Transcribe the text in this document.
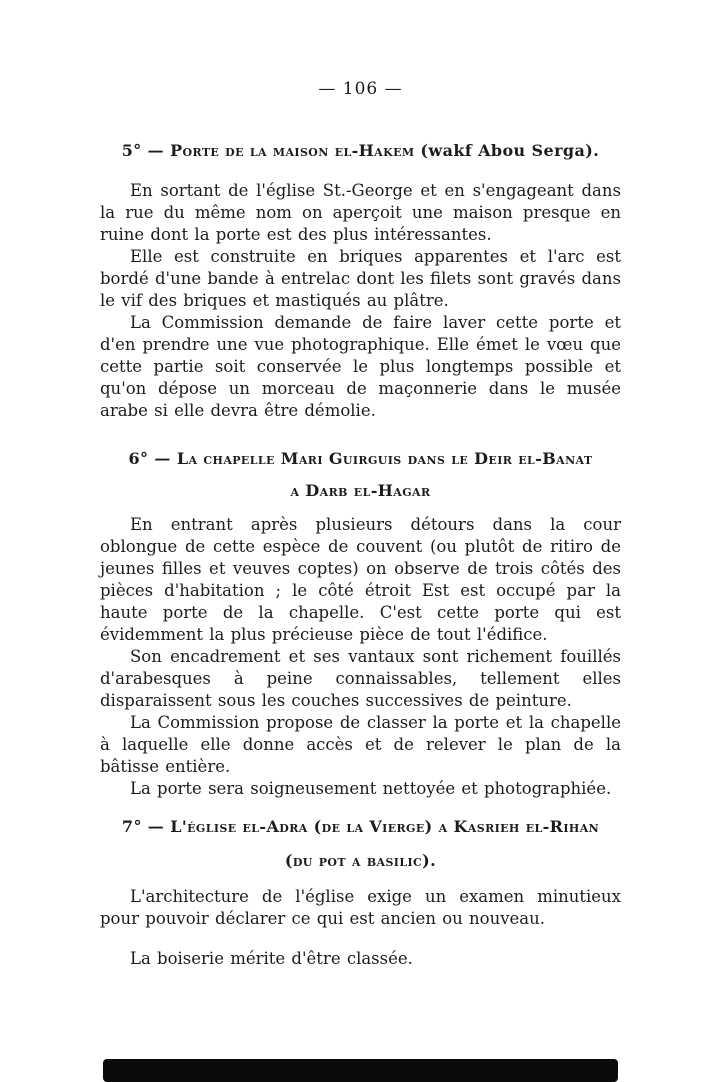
— 106 —
5° — Porte de la maison el-Hakem (wakf Abou Serga).

En sortant de l'église St.-George et en s'engageant dans la rue du même nom on aperçoit une maison presque en ruine dont la porte est des plus intéressantes.

Elle est construite en briques apparentes et l'arc est bordé d'une bande à entrelac dont les filets sont gravés dans le vif des briques et mastiqués au plâtre.

La Commission demande de faire laver cette porte et d'en prendre une vue photographique. Elle émet le vœu que cette partie soit conservée le plus longtemps possible et qu'on dépose un morceau de maçonnerie dans le musée arabe si elle devra être démolie.

6° — La chapelle Mari Guirguis dans le Deir el-Banat
a Darb el-Hagar

En entrant après plusieurs détours dans la cour oblongue de cette espèce de couvent (ou plutôt de ritiro de jeunes filles et veuves coptes) on observe de trois côtés des pièces d'habitation ; le côté étroit Est est occupé par la haute porte de la chapelle. C'est cette porte qui est évidemment la plus précieuse pièce de tout l'édifice.

Son encadrement et ses vantaux sont richement fouillés d'arabesques à peine connaissables, tellement elles disparaissent sous les couches successives de peinture.

La Commission propose de classer la porte et la chapelle à laquelle elle donne accès et de relever le plan de la bâtisse entière.

La porte sera soigneusement nettoyée et photographiée.

7° — L'église el-Adra (de la Vierge) a Kasrieh el-Rihan
(du pot a basilic).

L'architecture de l'église exige un examen minutieux pour pouvoir déclarer ce qui est ancien ou nouveau.

La boiserie mérite d'être classée.
